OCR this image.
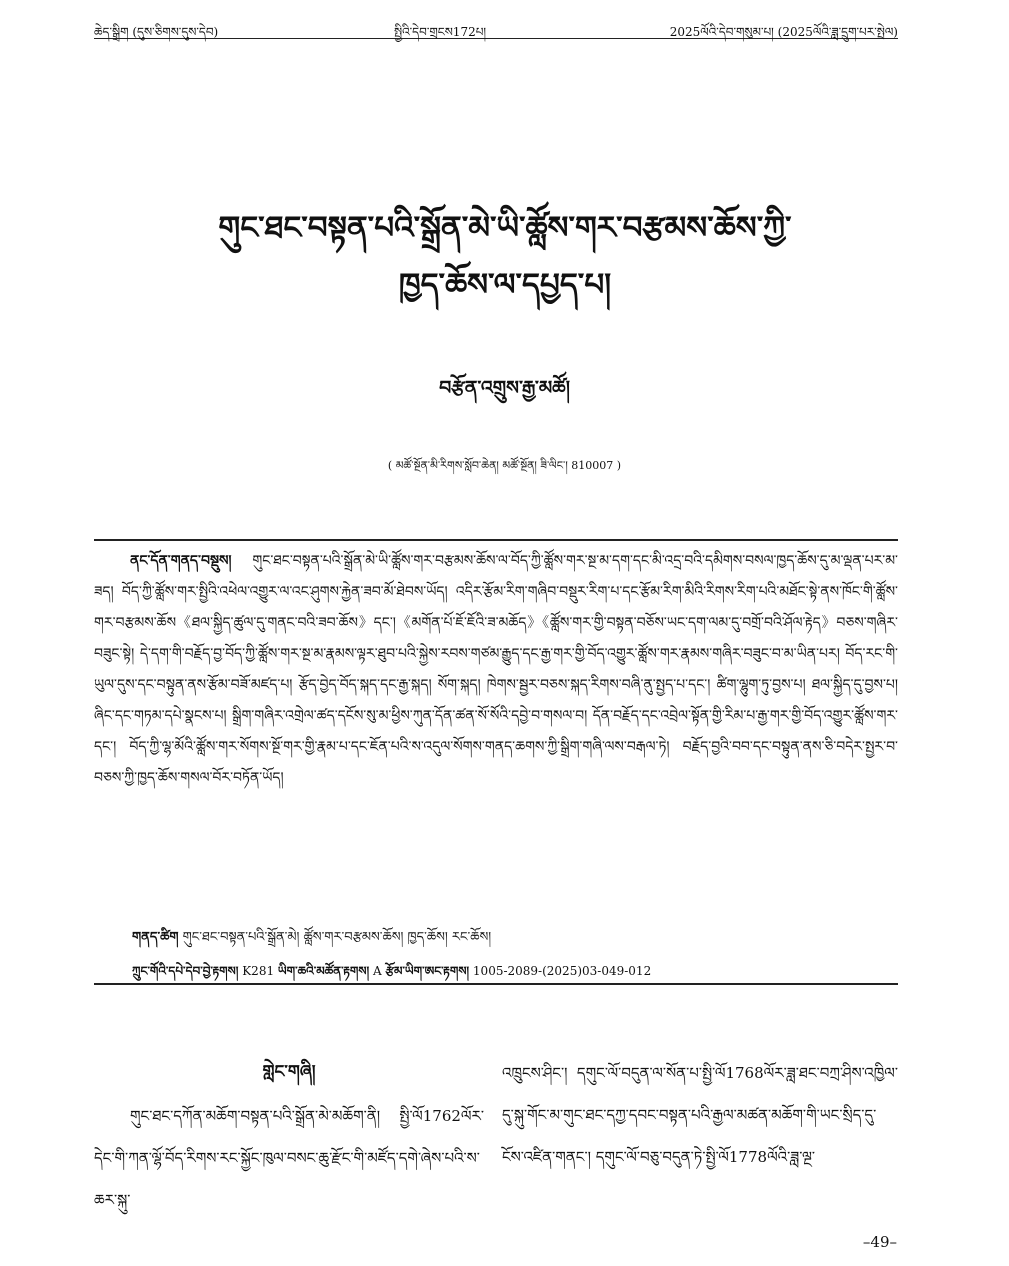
ཆེད་སྒྲིག (དུས་ཅིགས་དུས་དེབ)	སྤྱིའི་དེབ་གྲངས172པ།	2025ལོའི་དེབ་གསུམ་པ། (2025ལོའི་ཟླ་དྲུག་པར་སྤེལ)
གུང་ཐང་བསྟན་པའི་སྒྲོན་མེ་ཡི་ཚློས་གར་བརྩམས་ཆོས་ཀྱི་
ཁྱད་ཆོས་ལ་དཔྱད་པ།
བརྩོན་འགྲུས་རྒྱ་མཚོ།
( མཚོ་སྔོན་མི་རིགས་སློབ་ཆེན། མཚོ་སྔོན། ཟི་ལིང་། 810007 )
ནང་དོན་གནད་བསྡུས། གུང་ཐང་བསྟན་པའི་སྒྲོན་མེ་ཡི་ཚློས་གར་བརྩམས་ཆོས་ལ་བོད་ཀྱི་ཚློས་གར་སྔ་མ་དག་དང་མི་འདྲ་བའི་དམིགས་བསལ་ཁྱད་ཆོས་དུ་མ་ལྡན་པར་མ་ཟད། བོད་ཀྱི་ཚློས་གར་སྤྱིའི་འཕེལ་འགྱུར་ལ་འང་ཤུགས་རྐྱེན་ཟབ་མོ་ཐེབས་ཡོད། འདིར་རྩོམ་རིག་གཞིབ་བསྡུར་རིག་པ་དང་རྩོམ་རིག་མིའི་རིགས་རིག་པའི་མཐོང་སྟེ་ནས་ཁོང་གི་ཚློས་གར་བརྩམས་ཆོས《ཐལ་སྐྱིད་ཚུལ་དུ་གནང་བའི་ཟབ་ཆོས》དང་།《མགོན་པོ་ཇོ་ཇོའི་ཟ་མཆོད》《ཚློས་གར་གྱི་བསྟན་བཅོས་ཡང་དག་ལམ་དུ་བགྲོ་བའི་ཤོལ་རྟེད》བཅས་གཞིར་བཟུང་སྟེ། དེ་དག་གི་བརྗོད་བྱ་བོད་ཀྱི་ཚློས་གར་སྔ་མ་རྣམས་ལྟར་ཐུབ་པའི་སྐྱེས་རབས་གཙམ་རྒྱུད་དང་རྒྱ་གར་གྱི་བོད་འགྱུར་ཚློས་གར་རྣམས་གཞིར་བཟུང་བ་མ་ཡིན་པར། བོད་རང་གི་ཡུལ་དུས་དང་བསྟུན་ནས་རྩོམ་བཟོ་མཛད་པ། རྩོད་བྱེད་བོད་སྐད་དང་རྒྱ་སྐད། སོག་སྐད། ཁེགས་སྦྱར་བཅས་སྐད་རིགས་བཞི་ནུ་སྤྱད་པ་དང་། ཚིག་ལྷུག་ཏུ་བྱས་པ། ཐལ་སྐྱིད་དུ་བྱས་པ། ཞིང་དང་གཏམ་དཔེ་སྣངས་པ། སྒྲིག་གཞིར་འགྲེལ་ཚད་དངོས་སུ་མ་ཕྱིས་ཀུན་དོན་ཚན་སོ་སོའི་དབྱེ་བ་གསལ་བ། དོན་བརྗོད་དང་འབྲེལ་སྟོན་གྱི་རིམ་པ་རྒྱ་གར་གྱི་བོད་འགྱུར་ཚློས་གར་དང་། བོད་ཀྱི་ལྷ་མོའི་ཚློས་གར་སོགས་སྔོ་གར་གྱི་རྣམ་པ་དང་ཇོན་པའི་ས་འདུལ་སོགས་གནད་ཆགས་ཀྱི་སྒྲིག་གཞི་ལས་བརྒལ་ཏེ། བརྗོད་བྱའི་བབ་དང་བསྟུན་ནས་ཅི་བདེར་སྤྱར་བ་བཅས་ཀྱི་ཁྱད་ཆོས་གསལ་བོར་བཏོན་ཡོད།
གནད་ཚིག གུང་ཐང་བསྟན་པའི་སྒྲོན་མེ། ཚློས་གར་བརྩམས་ཆོས། ཁྱད་ཆོས། རང་ཆོས།
ཀྲུང་གོའི་དཔེ་དེབ་བྱེ་རྟགས། K281 ཡིག་ཆའི་མཚོན་རྟགས། A རྩོམ་ཡིག་ཨང་རྟགས། 1005-2089-(2025)03-049-012
གླེང་གཞི།
གུང་ཐང་དཀོན་མཆོག་བསྟན་པའི་སྒྲོན་མེ་མཆོག་ནི། སྤྱི་ལོ1762ལོར་དེང་གི་ཀན་ལྷོ་བོད་རིགས་རང་སྐྱོང་ཁུལ་བསང་ཆུ་རྫོང་གི་མཛོད་དགེ་ཞེས་པའི་ས་ཆར་སྐུ་
འཁྲུངས་ཤིང་། དགུང་ལོ་བདུན་ལ་སོན་པ་སྤྱི་ལོ1768ལོར་ཟླ་ཐང་བཀྲ་ཤིས་འཁྱིལ་དུ་སྐུ་གོང་མ་གུང་ཐང་དཀྱ་དབང་བསྟན་པའི་རྒྱལ་མཚན་མཆོག་གི་ཡང་སྲིད་དུ་ངོས་འཛིན་གནང་། དགུང་ལོ་བཅུ་བདུན་ཏེ་སྤྱི་ལོ1778ལོའི་ཟླ་ལྔ་
–49–
